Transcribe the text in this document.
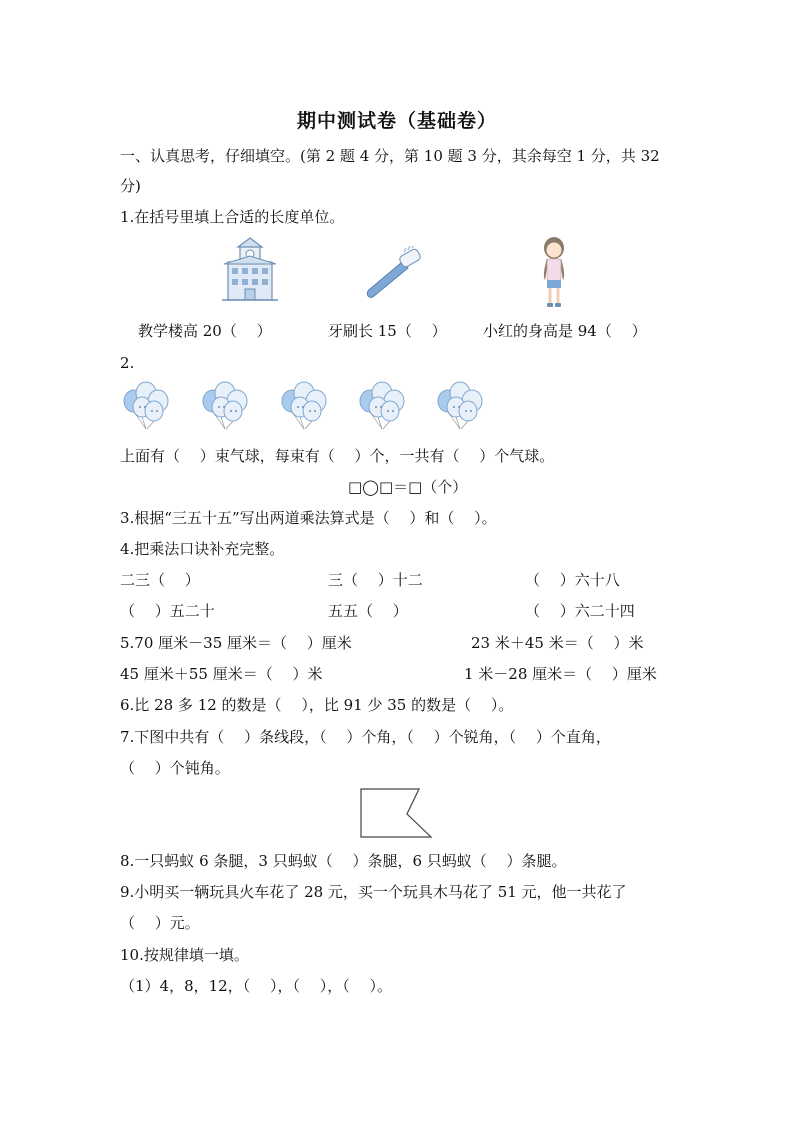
期中测试卷（基础卷）
一、认真思考，仔细填空。(第 2 题 4 分，第 10 题 3 分，其余每空 1 分，共 32
分)
1.在括号里填上合适的长度单位。
教学楼高 20（　 ）	牙刷长 15（　 ） 小红的身高是 94（　 ）
2.
上面有（　 ）束气球，每束有（　 ）个，一共有（　 ）个气球。
□◯□＝□（个）
3.根据“三五十五”写出两道乘法算式是（　 ）和（　 ）。
4.把乘法口诀补充完整。
二三（　 ）	三（　 ）十二	（　 ）六十八
（　 ）五二十	五五（　 ）	（　 ）六二十四
5.70 厘米－35 厘米＝（　 ）厘米	23 米＋45 米＝（　 ）米
45 厘米＋55 厘米＝（　 ）米	1 米－28 厘米＝（　 ）厘米
6.比 28 多 12 的数是（　 ），比 91 少 35 的数是（　 ）。
7.下图中共有（　 ）条线段，（　 ）个角，（　 ）个锐角，（　 ）个直角，
（　 ）个钝角。
8.一只蚂蚁 6 条腿，3 只蚂蚁（　 ）条腿，6 只蚂蚁（　 ）条腿。
9.小明买一辆玩具火车花了 28 元，买一个玩具木马花了 51 元，他一共花了
（　 ）元。
10.按规律填一填。
（1）4，8，12，（　 ），（　 ），（　 ）。
